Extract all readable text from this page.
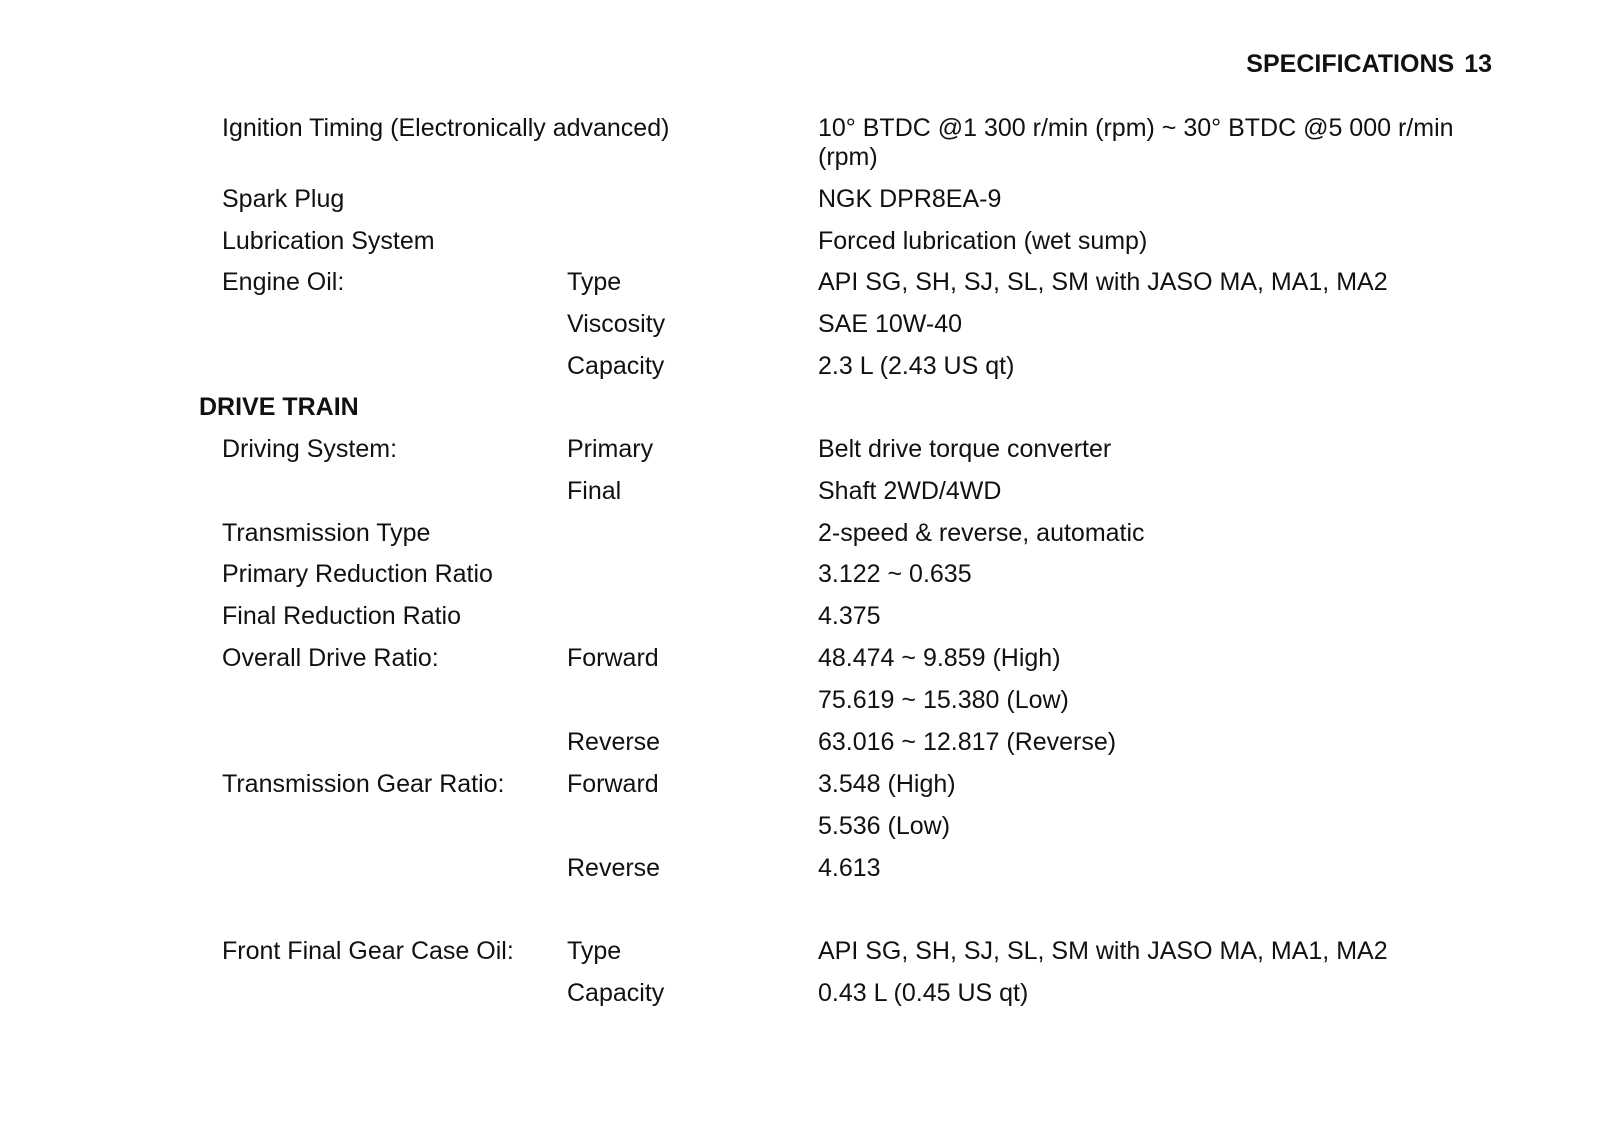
SPECIFICATIONS 13
Ignition Timing (Electronically advanced)	10° BTDC @1 300 r/min (rpm) ~ 30° BTDC @5 000 r/min (rpm)
Spark Plug	NGK DPR8EA-9
Lubrication System	Forced lubrication (wet sump)
Engine Oil:	Type	API SG, SH, SJ, SL, SM with JASO MA, MA1, MA2
Viscosity	SAE 10W-40
Capacity	2.3 L (2.43 US qt)
DRIVE TRAIN
Driving System:	Primary	Belt drive torque converter
Final	Shaft 2WD/4WD
Transmission Type	2-speed & reverse, automatic
Primary Reduction Ratio	3.122 ~ 0.635
Final Reduction Ratio	4.375
Overall Drive Ratio:	Forward	48.474 ~ 9.859 (High)
75.619 ~ 15.380 (Low)
Reverse	63.016 ~ 12.817 (Reverse)
Transmission Gear Ratio:	Forward	3.548 (High)
5.536 (Low)
Reverse	4.613
Front Final Gear Case Oil: Type	API SG, SH, SJ, SL, SM with JASO MA, MA1, MA2
Capacity	0.43 L (0.45 US qt)
